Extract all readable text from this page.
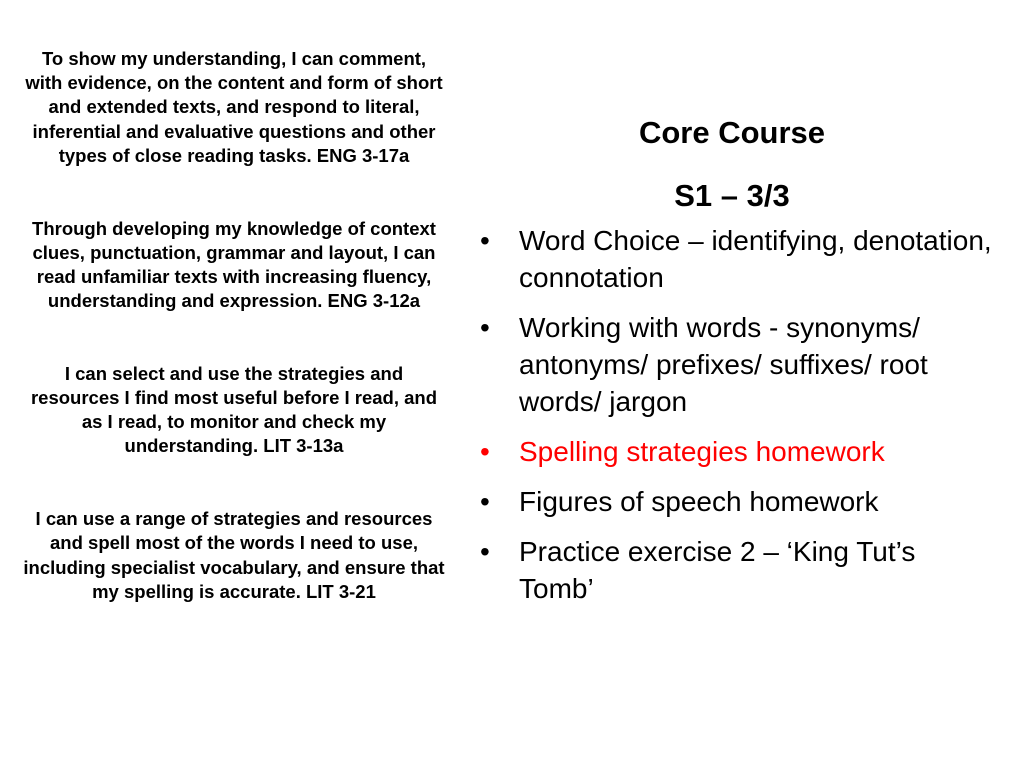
To show my understanding, I can comment, with evidence, on the content and form of short and extended texts, and respond to literal, inferential and evaluative questions and other types of close reading tasks. ENG 3-17a

Through developing my knowledge of context clues, punctuation, grammar and layout, I can read unfamiliar texts with increasing fluency, understanding and expression. ENG 3-12a

I can select and use the strategies and resources I find most useful before I read, and as I read, to monitor and check my understanding. LIT 3-13a

I can use a range of strategies and resources and spell most of the words I need to use, including specialist vocabulary, and ensure that my spelling is accurate. LIT 3-21

Core Course
S1 – 3/3
• Word Choice – identifying, denotation, connotation
• Working with words - synonyms/ antonyms/ prefixes/ suffixes/ root words/ jargon
• Spelling strategies homework
• Figures of speech homework
• Practice exercise 2 – ‘King Tut’s Tomb’
